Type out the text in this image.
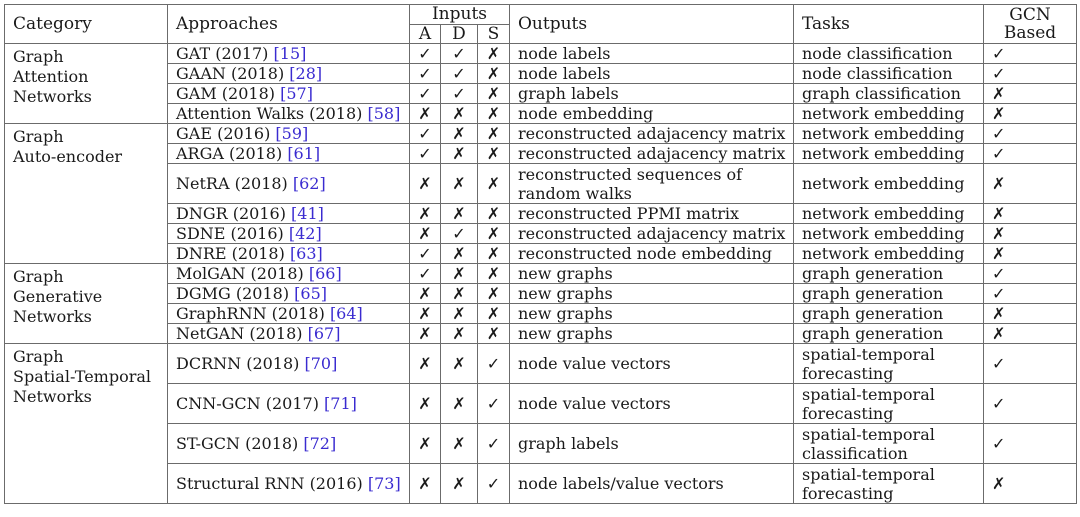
Category	Approaches	Inputs			Outputs	Tasks	GCN
Based
		A	D	S			
Graph
Attention
Networks	GAT (2017) [15]	✓	✓	✗	node labels	node classification	✓
	GAAN (2018) [28]	✓	✓	✗	node labels	node classification	✓
	GAM (2018) [57]	✓	✓	✗	graph labels	graph classification	✗
	Attention Walks (2018) [58]	✗	✗	✗	node embedding	network embedding	✗
Graph
Auto-encoder	GAE (2016) [59]	✓	✗	✗	reconstructed adajacency matrix	network embedding	✓
	ARGA (2018) [61]	✓	✗	✗	reconstructed adajacency matrix	network embedding	✓
	NetRA (2018) [62]	✗	✗	✗	reconstructed sequences of random walks	network embedding	✗
	DNGR (2016) [41]	✗	✗	✗	reconstructed PPMI matrix	network embedding	✗
	SDNE (2016) [42]	✗	✓	✗	reconstructed adajacency matrix	network embedding	✗
	DNRE (2018) [63]	✓	✗	✗	reconstructed node embedding	network embedding	✗
Graph
Generative
Networks	MolGAN (2018) [66]	✓	✗	✗	new graphs	graph generation	✓
	DGMG (2018) [65]	✗	✗	✗	new graphs	graph generation	✓
	GraphRNN (2018) [64]	✗	✗	✗	new graphs	graph generation	✗
	NetGAN (2018) [67]	✗	✗	✗	new graphs	graph generation	✗
Graph
Spatial-Temporal
Networks	DCRNN (2018) [70]	✗	✗	✓	node value vectors	spatial-temporal forecasting	✓
	CNN-GCN (2017) [71]	✗	✗	✓	node value vectors	spatial-temporal forecasting	✓
	ST-GCN (2018) [72]	✗	✗	✓	graph labels	spatial-temporal classification	✓
	Structural RNN (2016) [73]	✗	✗	✓	node labels/value vectors	spatial-temporal forecasting	✗
